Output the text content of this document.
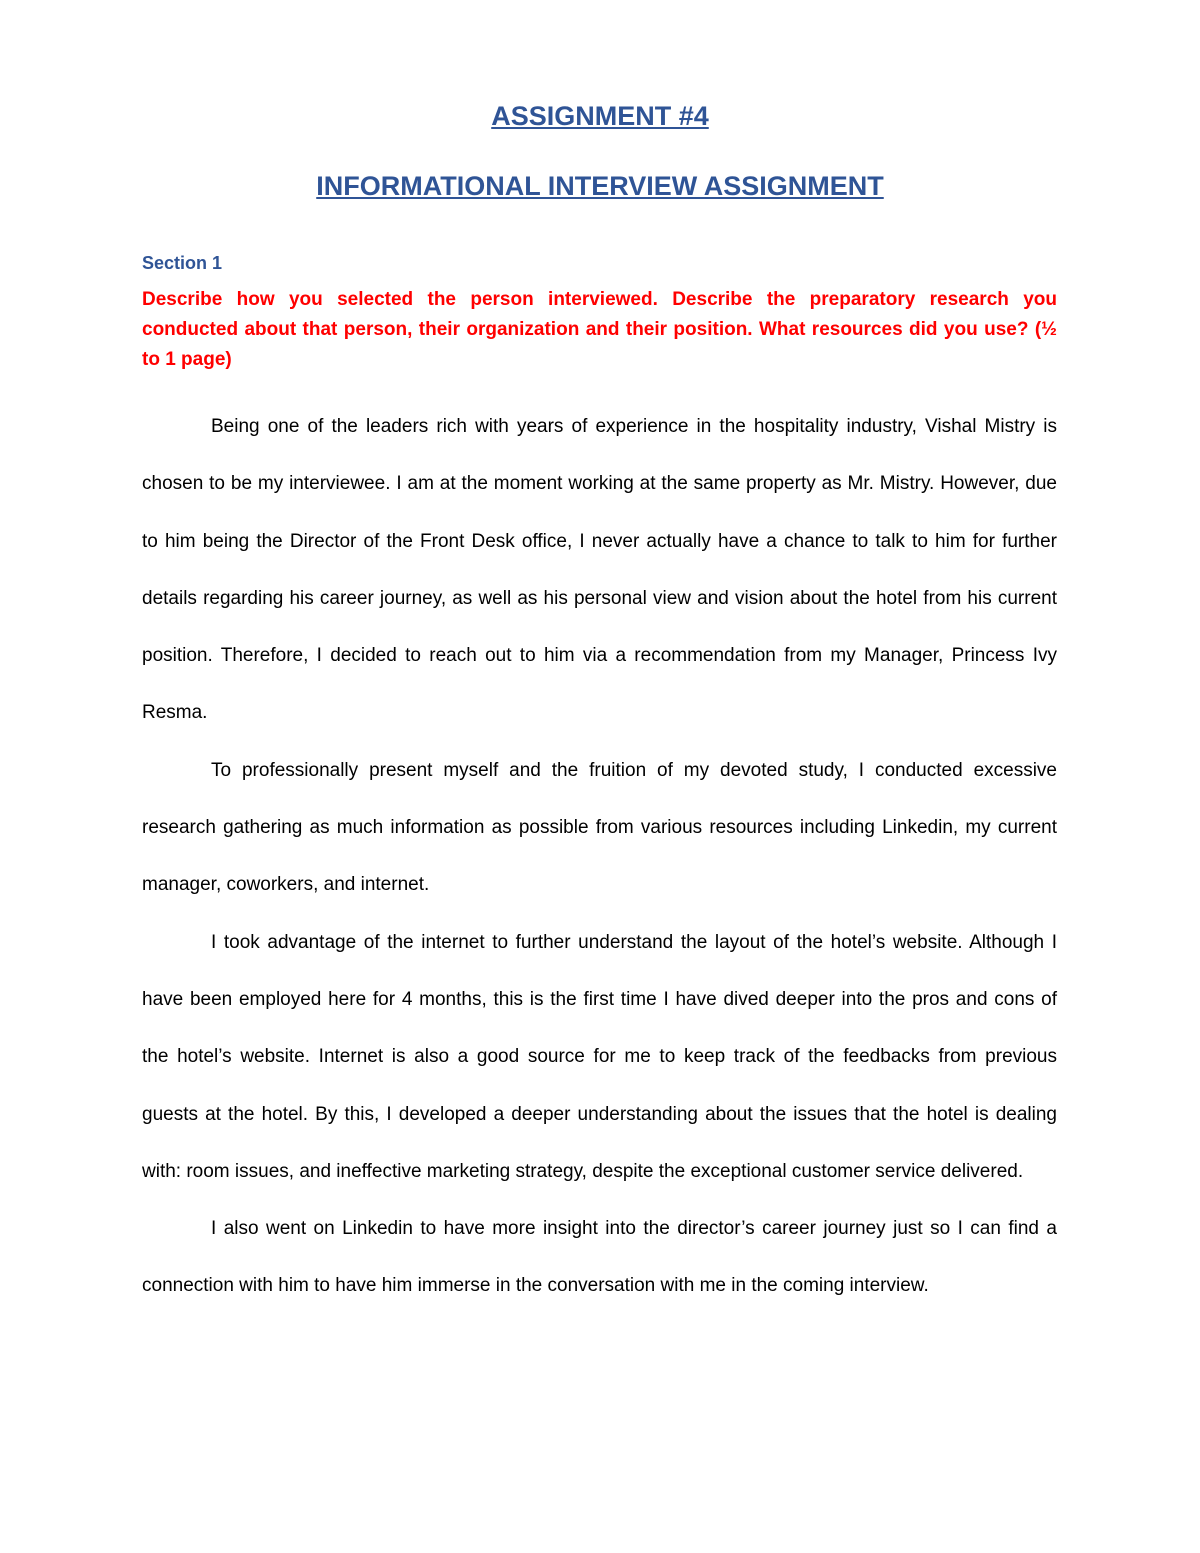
ASSIGNMENT #4
INFORMATIONAL INTERVIEW ASSIGNMENT
Section 1
Describe how you selected the person interviewed. Describe the preparatory research you conducted about that person, their organization and their position. What resources did you use? (½ to 1 page)

Being one of the leaders rich with years of experience in the hospitality industry, Vishal Mistry is chosen to be my interviewee. I am at the moment working at the same property as Mr. Mistry. However, due to him being the Director of the Front Desk office, I never actually have a chance to talk to him for further details regarding his career journey, as well as his personal view and vision about the hotel from his current position. Therefore, I decided to reach out to him via a recommendation from my Manager, Princess Ivy Resma.

To professionally present myself and the fruition of my devoted study, I conducted excessive research gathering as much information as possible from various resources including Linkedin, my current manager, coworkers, and internet.

I took advantage of the internet to further understand the layout of the hotel’s website. Although I have been employed here for 4 months, this is the first time I have dived deeper into the pros and cons of the hotel’s website. Internet is also a good source for me to keep track of the feedbacks from previous guests at the hotel. By this, I developed a deeper understanding about the issues that the hotel is dealing with: room issues, and ineffective marketing strategy, despite the exceptional customer service delivered.

I also went on Linkedin to have more insight into the director’s career journey just so I can find a connection with him to have him immerse in the conversation with me in the coming interview.
